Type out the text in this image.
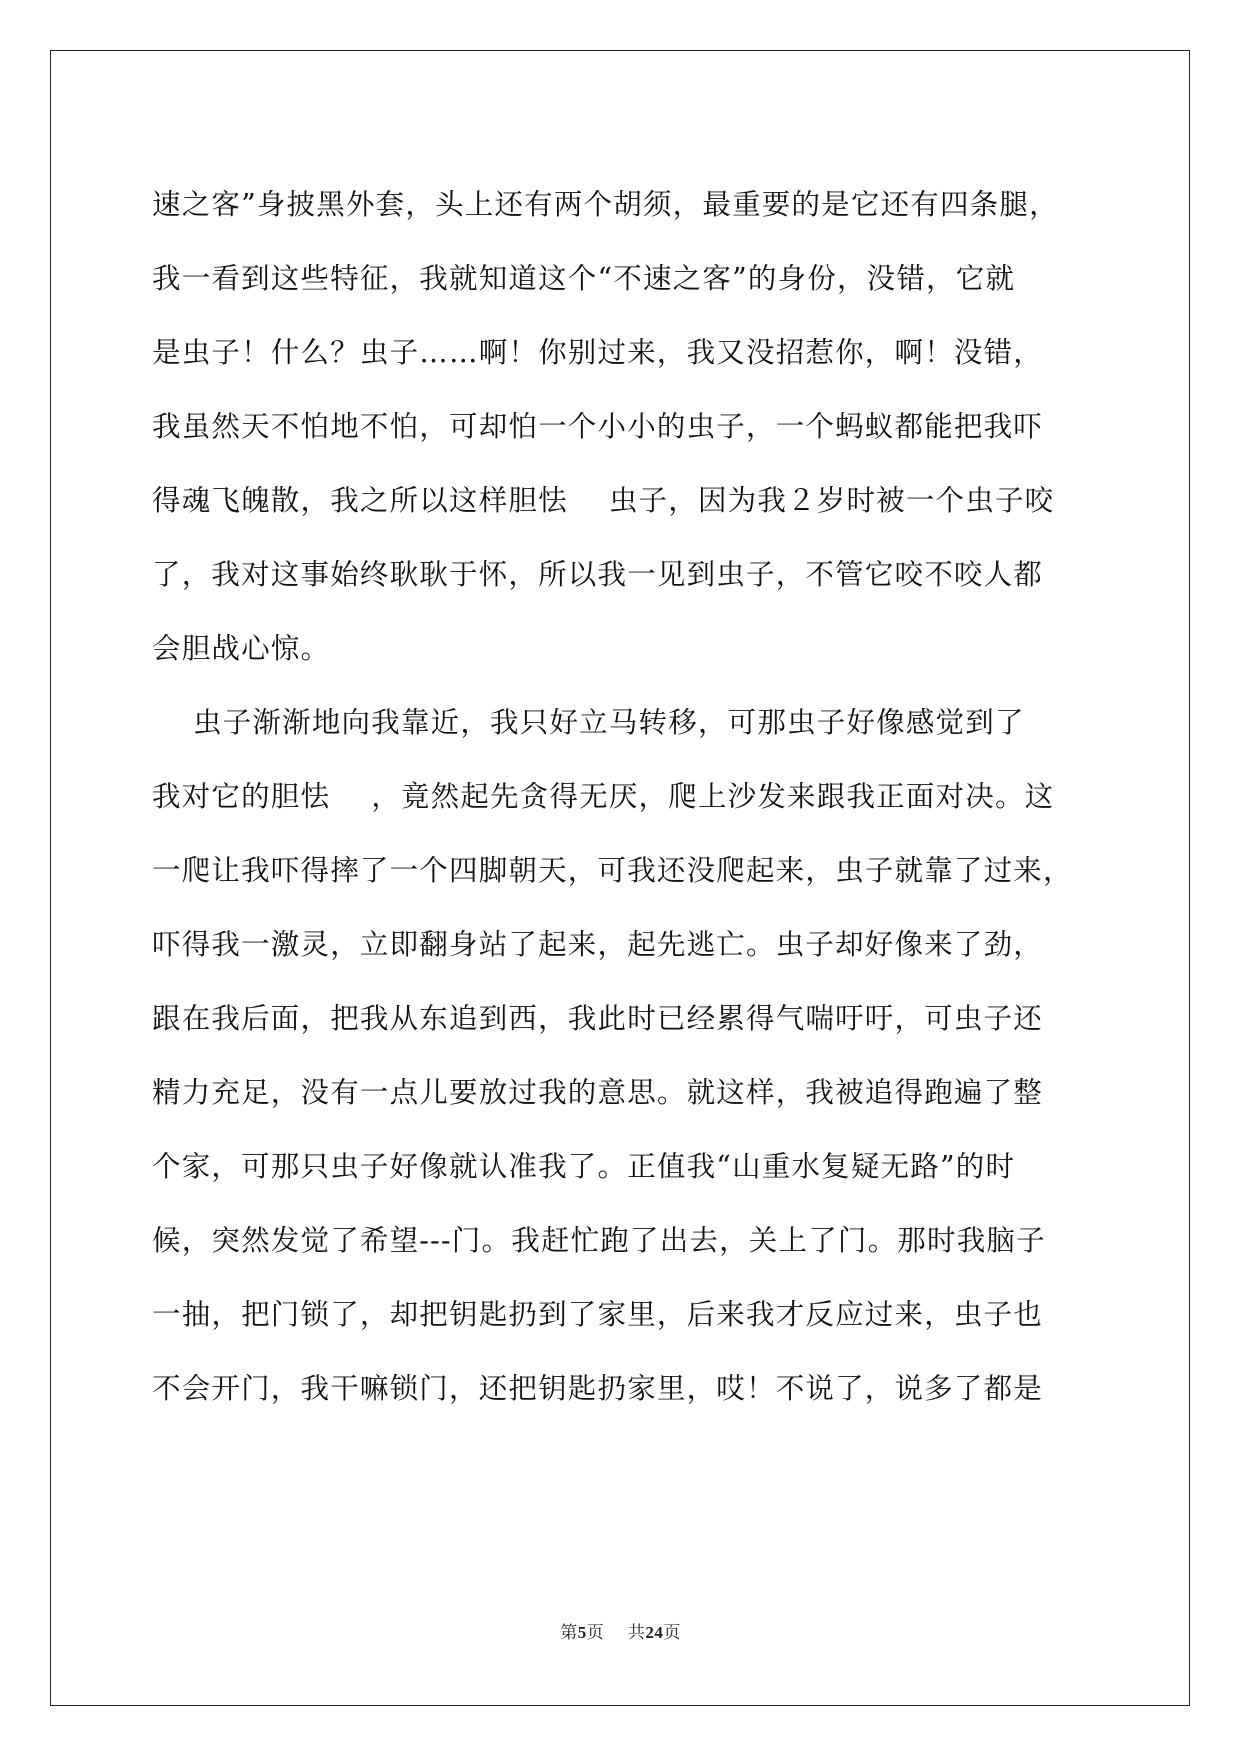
速之客”身披黑外套，头上还有两个胡须，最重要的是它还有四条腿，
我一看到这些特征，我就知道这个“不速之客”的身份，没错，它就
是虫子！什么？虫子……啊！你别过来，我又没招惹你，啊！没错，
我虽然天不怕地不怕，可却怕一个小小的虫子，一个蚂蚁都能把我吓
得魂飞魄散，我之所以这样胆怯    虫子，因为我２岁时被一个虫子咬
了，我对这事始终耿耿于怀，所以我一见到虫子，不管它咬不咬人都
会胆战心惊。
虫子渐渐地向我靠近，我只好立马转移，可那虫子好像感觉到了
我对它的胆怯    ，竟然起先贪得无厌，爬上沙发来跟我正面对决。这
一爬让我吓得摔了一个四脚朝天，可我还没爬起来，虫子就靠了过来，
吓得我一激灵，立即翻身站了起来，起先逃亡。虫子却好像来了劲，
跟在我后面，把我从东追到西，我此时已经累得气喘吁吁，可虫子还
精力充足，没有一点儿要放过我的意思。就这样，我被追得跑遍了整
个家，可那只虫子好像就认准我了。正值我“山重水复疑无路”的时
候，突然发觉了希望---门。我赶忙跑了出去，关上了门。那时我脑子
一抽，把门锁了，却把钥匙扔到了家里，后来我才反应过来，虫子也
不会开门，我干嘛锁门，还把钥匙扔家里，哎！不说了，说多了都是
第5页 共24页
